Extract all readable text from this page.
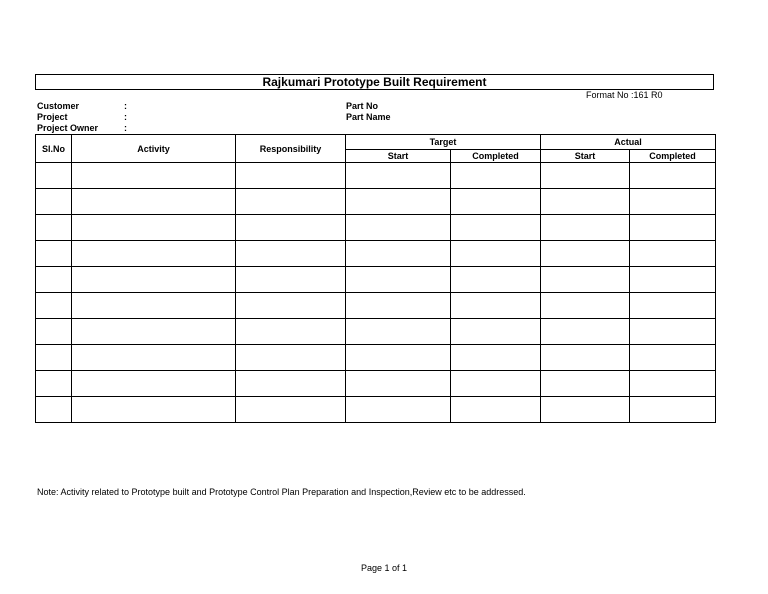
Rajkumari Prototype Built Requirement
Format No :161 R0
Customer	:
Project	:
Project Owner	:
Part No
Part Name
Sl.No	Activity	Responsibility	Target		Actual	
			Start	Completed	Start	Completed

Note: Activity related to Prototype built and Prototype Control Plan Preparation and Inspection,Review etc to be addressed.
Page 1 of 1
